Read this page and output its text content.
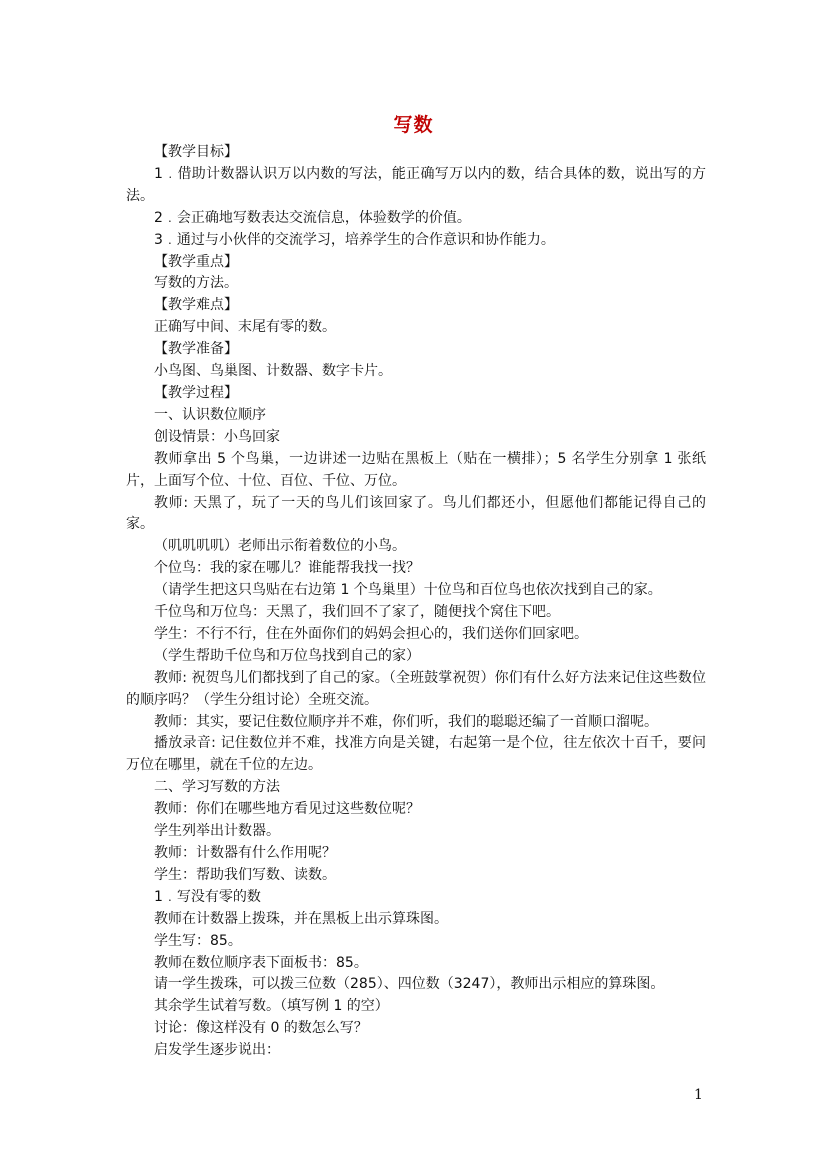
写数

【教学目标】

1﹒借助计数器认识万以内数的写法，能正确写万以内的数，结合具体的数，说出写的方法。

2﹒会正确地写数表达交流信息，体验数学的价值。

3﹒通过与小伙伴的交流学习，培养学生的合作意识和协作能力。

【教学重点】

写数的方法。

【教学难点】

正确写中间、末尾有零的数。

【教学准备】

小鸟图、鸟巢图、计数器、数字卡片。

【教学过程】

一、认识数位顺序

创设情景：小鸟回家

教师拿出 5 个鸟巢，一边讲述一边贴在黑板上（贴在一横排）；5 名学生分别拿 1 张纸片，上面写个位、十位、百位、千位、万位。

教师: 天黑了，玩了一天的鸟儿们该回家了。鸟儿们都还小，但愿他们都能记得自己的家。

（叽叽叽叽）老师出示衔着数位的小鸟。

个位鸟：我的家在哪儿？谁能帮我找一找？

（请学生把这只鸟贴在右边第 1 个鸟巢里）十位鸟和百位鸟也依次找到自己的家。

千位鸟和万位鸟：天黑了，我们回不了家了，随便找个窝住下吧。

学生：不行不行，住在外面你们的妈妈会担心的，我们送你们回家吧。

（学生帮助千位鸟和万位鸟找到自己的家）

教师: 祝贺鸟儿们都找到了自己的家。（全班鼓掌祝贺）你们有什么好方法来记住这些数位的顺序吗？（学生分组讨论）全班交流。

教师：其实，要记住数位顺序并不难，你们听，我们的聪聪还编了一首顺口溜呢。

播放录音: 记住数位并不难，找准方向是关键，右起第一是个位，往左依次十百千，要问万位在哪里，就在千位的左边。

二、学习写数的方法

教师：你们在哪些地方看见过这些数位呢？

学生列举出计数器。

教师：计数器有什么作用呢？

学生：帮助我们写数、读数。

1﹒写没有零的数

教师在计数器上拨珠，并在黑板上出示算珠图。

学生写：85。

教师在数位顺序表下面板书：85。

请一学生拨珠，可以拨三位数（285）、四位数（3247），教师出示相应的算珠图。

其余学生试着写数。（填写例 1 的空）

讨论：像这样没有 0 的数怎么写？

启发学生逐步说出：

1
